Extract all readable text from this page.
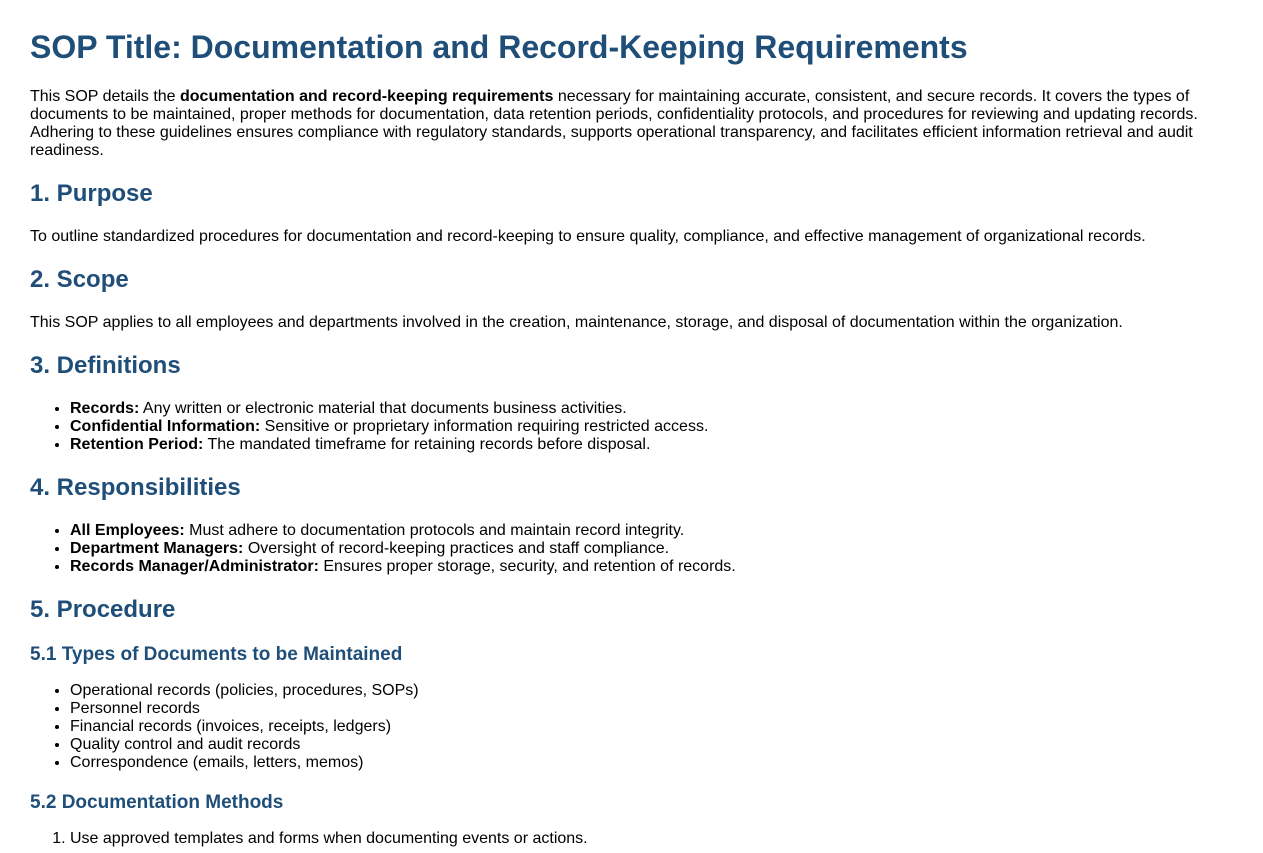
SOP Title: Documentation and Record-Keeping Requirements

This SOP details the documentation and record-keeping requirements necessary for maintaining accurate, consistent, and secure records. It covers the types of documents to be maintained, proper methods for documentation, data retention periods, confidentiality protocols, and procedures for reviewing and updating records. Adhering to these guidelines ensures compliance with regulatory standards, supports operational transparency, and facilitates efficient information retrieval and audit readiness.

1. Purpose

To outline standardized procedures for documentation and record-keeping to ensure quality, compliance, and effective management of organizational records.

2. Scope

This SOP applies to all employees and departments involved in the creation, maintenance, storage, and disposal of documentation within the organization.

3. Definitions
• Records: Any written or electronic material that documents business activities.
• Confidential Information: Sensitive or proprietary information requiring restricted access.
• Retention Period: The mandated timeframe for retaining records before disposal.
4. Responsibilities
• All Employees: Must adhere to documentation protocols and maintain record integrity.
• Department Managers: Oversight of record-keeping practices and staff compliance.
• Records Manager/Administrator: Ensures proper storage, security, and retention of records.
5. Procedure
5.1 Types of Documents to be Maintained
• Operational records (policies, procedures, SOPs)
• Personnel records
• Financial records (invoices, receipts, ledgers)
• Quality control and audit records
• Correspondence (emails, letters, memos)
5.2 Documentation Methods
1. Use approved templates and forms when documenting events or actions.
